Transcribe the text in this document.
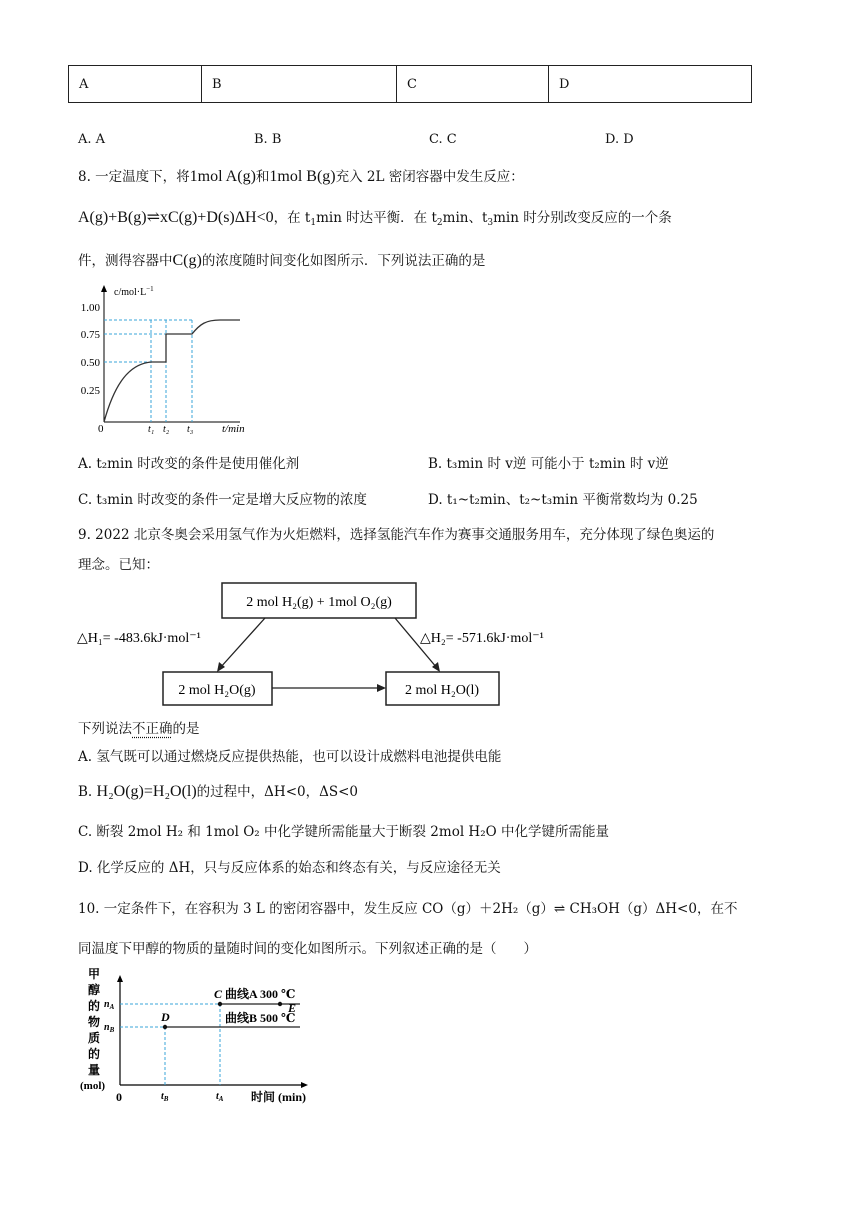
A	B	C	D
A. A	B. B	C. C	D. D
8. 一定温度下，将1mol A(g)和1mol B(g)充入 2L 密闭容器中发生反应：
A(g)+B(g)⇌xC(g)+D(s)ΔH<0，在 $t_1\min$ 时达平衡．在 $t_2\min$、$t_3\min$ 时分别改变反应的一个条
件，测得容器中C(g)的浓度随时间变化如图所示．下列说法正确的是
$c/mol\cdot L^{-1}$
1.00
0.75
0.50
0.25
0	t₁ t₂ t₃	t/min
A. t₂min 时改变的条件是使用催化剂	B. t₃min 时 v逆 可能小于 t₂min 时 v逆
C. t₃min 时改变的条件一定是增大反应物的浓度	D. t₁~t₂min、t₂~t₃min 平衡常数均为 0.25
9. 2022 北京冬奥会采用氢气作为火炬燃料，选择氢能汽车作为赛事交通服务用车，充分体现了绿色奥运的
理念。已知：
2 mol H₂(g) + 1mol O₂(g)
2 mol H₂O(g)	2 mol H₂O(l)
△H₁= -483.6kJ·mol⁻¹	△H₂= -571.6kJ·mol⁻¹
下列说法不正确的是
A. 氢气既可以通过燃烧反应提供热能，也可以设计成燃料电池提供电能
B. H₂O(g)=H₂O(l)的过程中，ΔH<0，ΔS<0
C. 断裂 2mol H₂ 和 1mol O₂ 中化学键所需能量大于断裂 2mol H₂O 中化学键所需能量
D. 化学反应的 ΔH，只与反应体系的始态和终态有关，与反应途径无关
10. 一定条件下，在容积为 3 L 的密闭容器中，发生反应 CO（g）＋2H₂（g）⇌ CH₃OH（g）ΔH<0，在不
同温度下甲醇的物质的量随时间的变化如图所示。下列叙述正确的是（　　）
甲
醇
的
物
质
的
量
(mol)
0	时间 (min)
$n_A$
$n_B$
$t_B$	$t_A$
C
D
E
曲线A 300 ℃
曲线B 500 ℃
